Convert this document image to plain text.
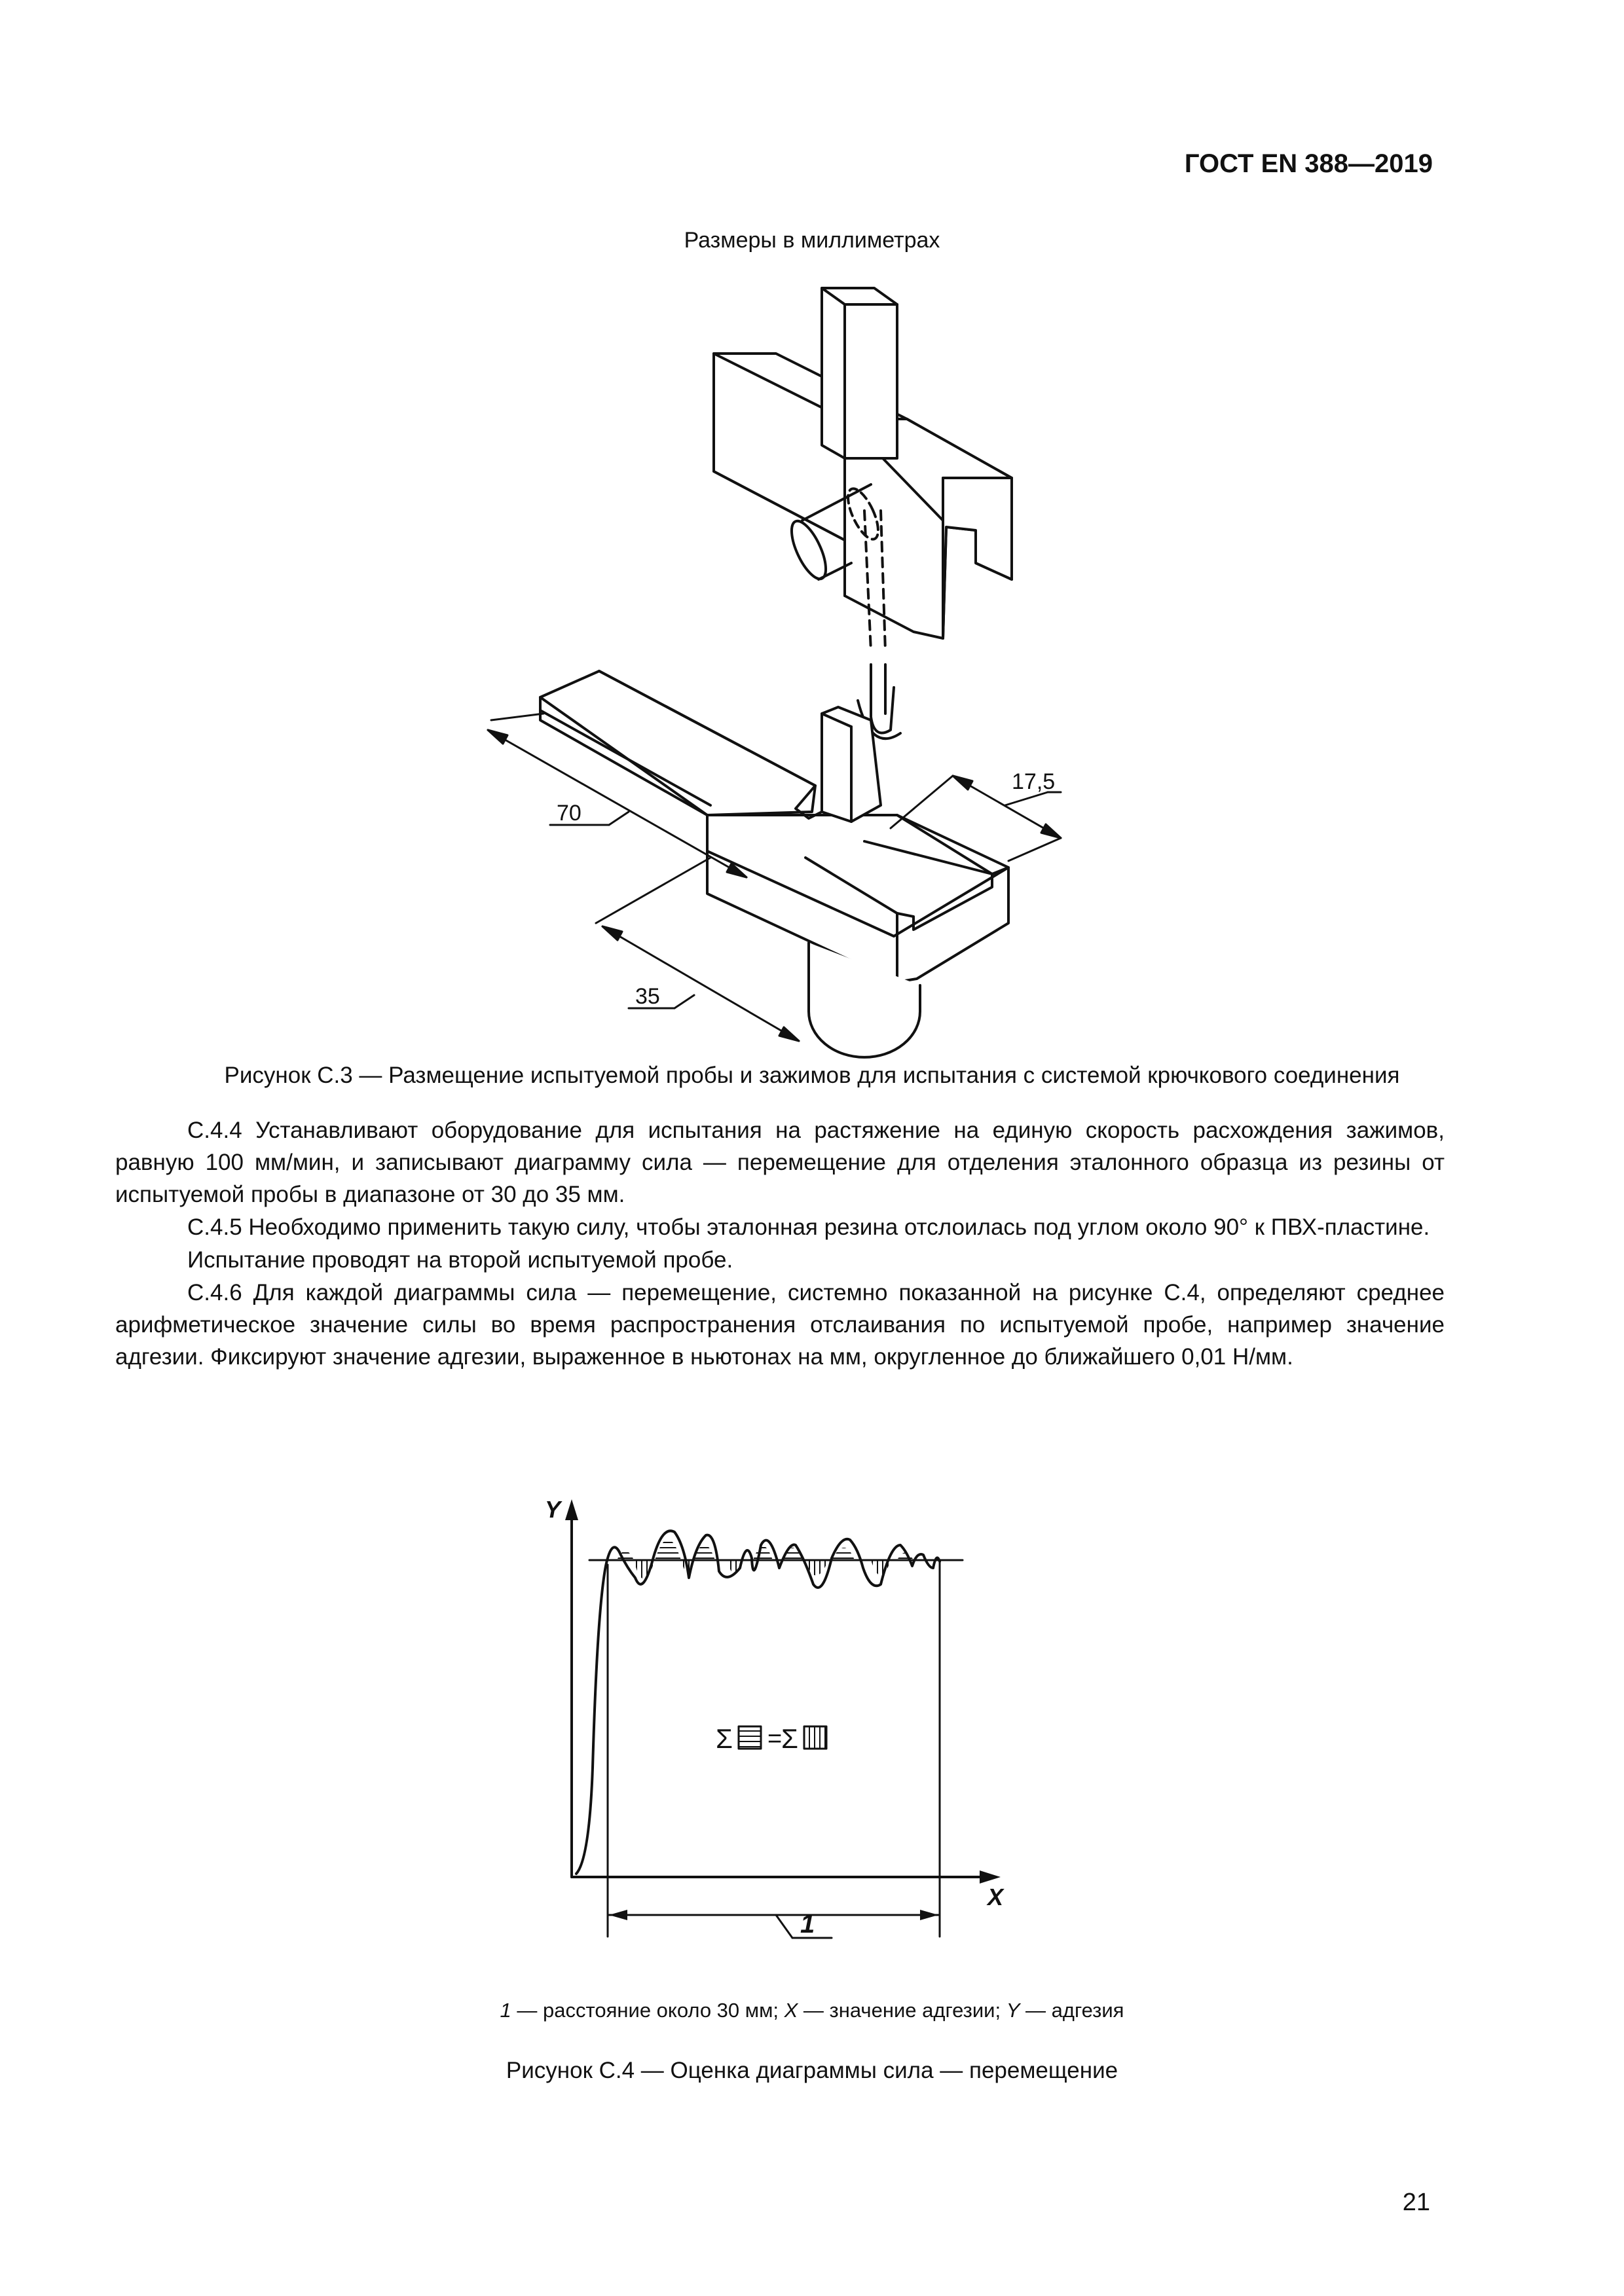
ГОСТ EN 388—2019
Размеры в миллиметрах
70
35
17,5
Рисунок С.3 — Размещение испытуемой пробы и зажимов для испытания с системой крючкового соединения

С.4.4 Устанавливают оборудование для испытания на растяжение на единую скорость расхождения зажимов, равную 100 мм/мин, и записывают диаграмму сила — перемещение для отделения эталонного образца из резины от испытуемой пробы в диапазоне от 30 до 35 мм.

С.4.5 Необходимо применить такую силу, чтобы эталонная резина отслоилась под углом около 90° к ПВХ-пластине.

Испытание проводят на второй испытуемой пробе.

С.4.6 Для каждой диаграммы сила — перемещение, системно показанной на рисунке С.4, определяют среднее арифметическое значение силы во время распространения отслаивания по испытуемой пробе, например значение адгезии. Фиксируют значение адгезии, выраженное в ньютонах на мм, округленное до ближайшего 0,01 Н/мм.

Σ =
Σ
Y
X
1
1 — расстояние около 30 мм; X — значение адгезии; Y — адгезия
Рисунок С.4 — Оценка диаграммы сила — перемещение
21
